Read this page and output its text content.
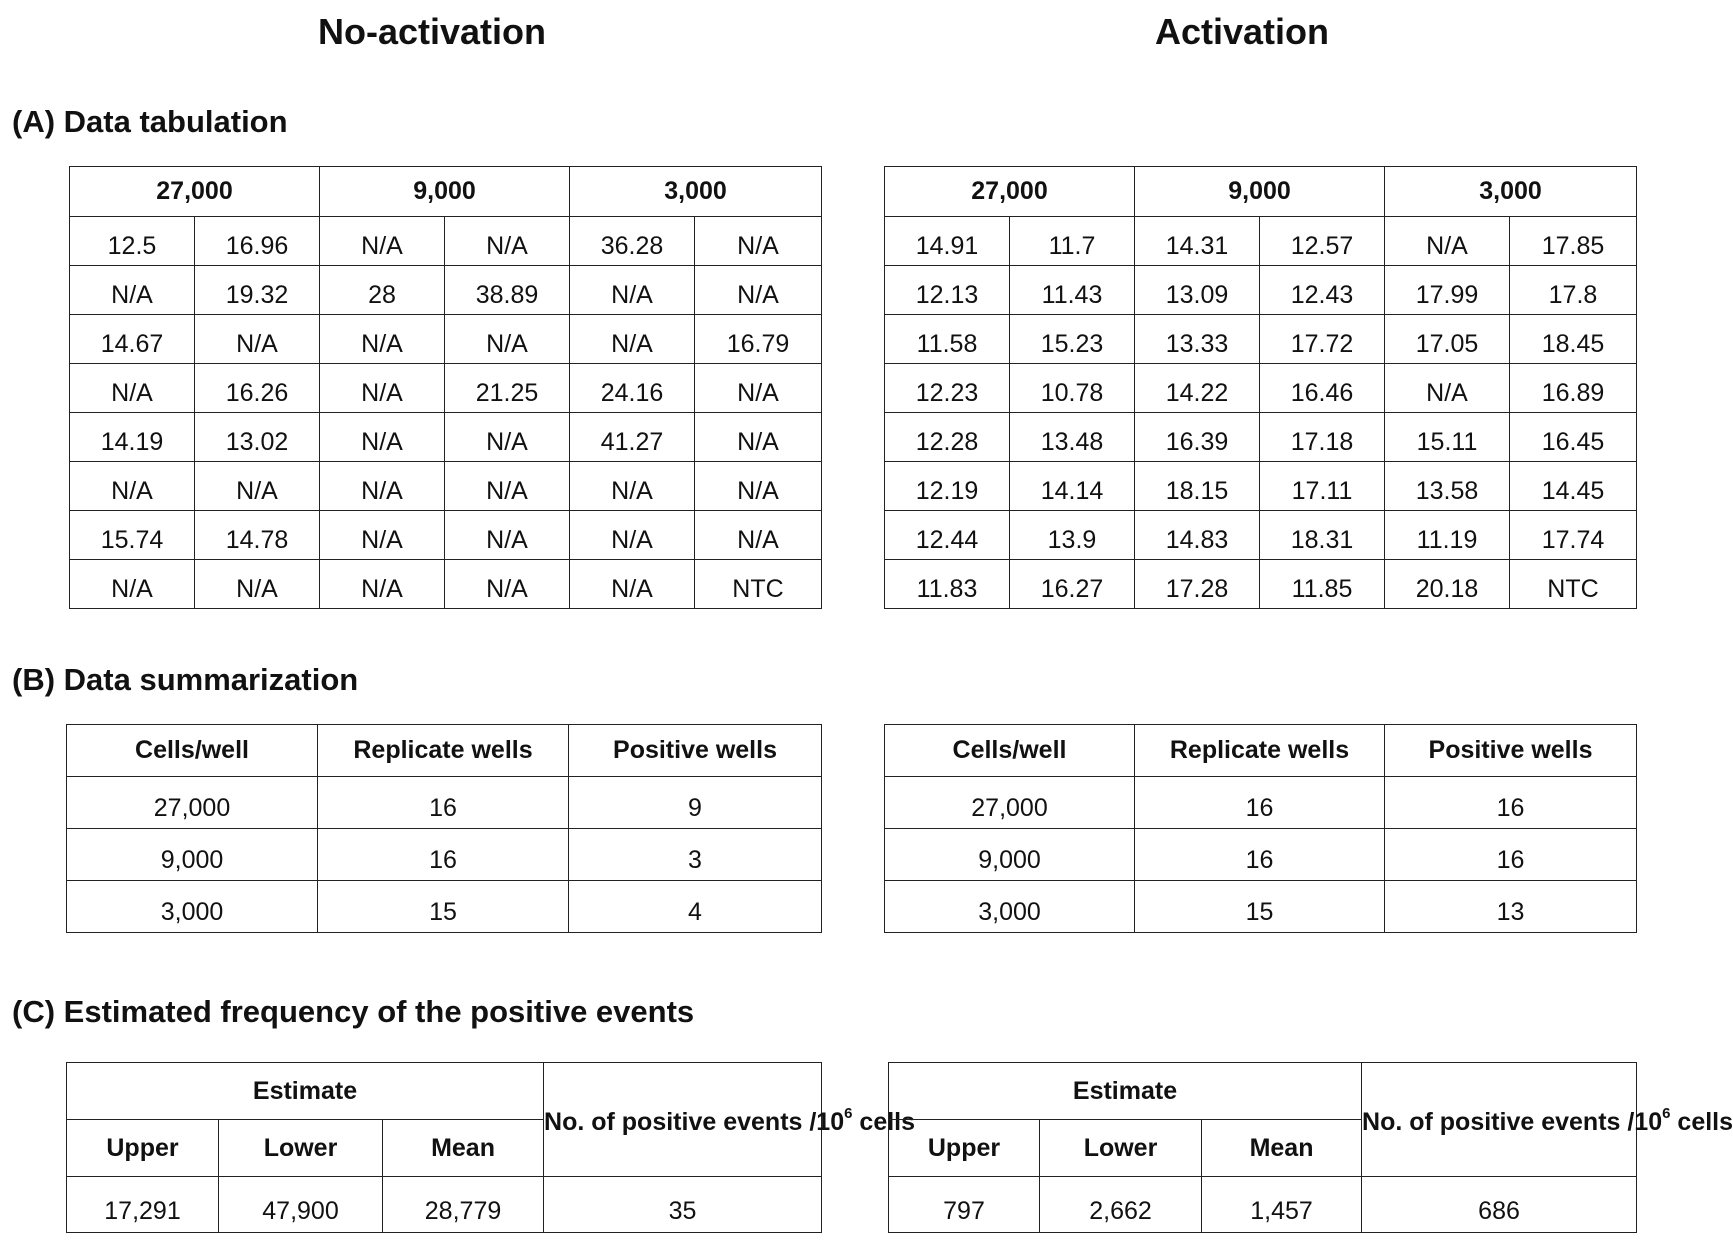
No-activation	Activation
(A) Data tabulation
27,000		9,000		3,000	
12.5	16.96	N/A	N/A	36.28	N/A
N/A	19.32	28	38.89	N/A	N/A
14.67	N/A	N/A	N/A	N/A	16.79
N/A	16.26	N/A	21.25	24.16	N/A
14.19	13.02	N/A	N/A	41.27	N/A
N/A	N/A	N/A	N/A	N/A	N/A
15.74	14.78	N/A	N/A	N/A	N/A
N/A	N/A	N/A	N/A	N/A	NTC
27,000		9,000		3,000	
14.91	11.7	14.31	12.57	N/A	17.85
12.13	11.43	13.09	12.43	17.99	17.8
11.58	15.23	13.33	17.72	17.05	18.45
12.23	10.78	14.22	16.46	N/A	16.89
12.28	13.48	16.39	17.18	15.11	16.45
12.19	14.14	18.15	17.11	13.58	14.45
12.44	13.9	14.83	18.31	11.19	17.74
11.83	16.27	17.28	11.85	20.18	NTC
(B) Data summarization
Cells/well	Replicate wells	Positive wells
27,000	16	9
9,000	16	3
3,000	15	4
Cells/well	Replicate wells	Positive wells
27,000	16	16
9,000	16	16
3,000	15	13
(C) Estimated frequency of the positive events
Estimate			No. of positive events $/10^6$ cells
Upper	Lower	Mean	
17,291	47,900	28,779	35
Estimate			No. of positive events $/10^6$ cells
Upper	Lower	Mean	
797	2,662	1,457	686
